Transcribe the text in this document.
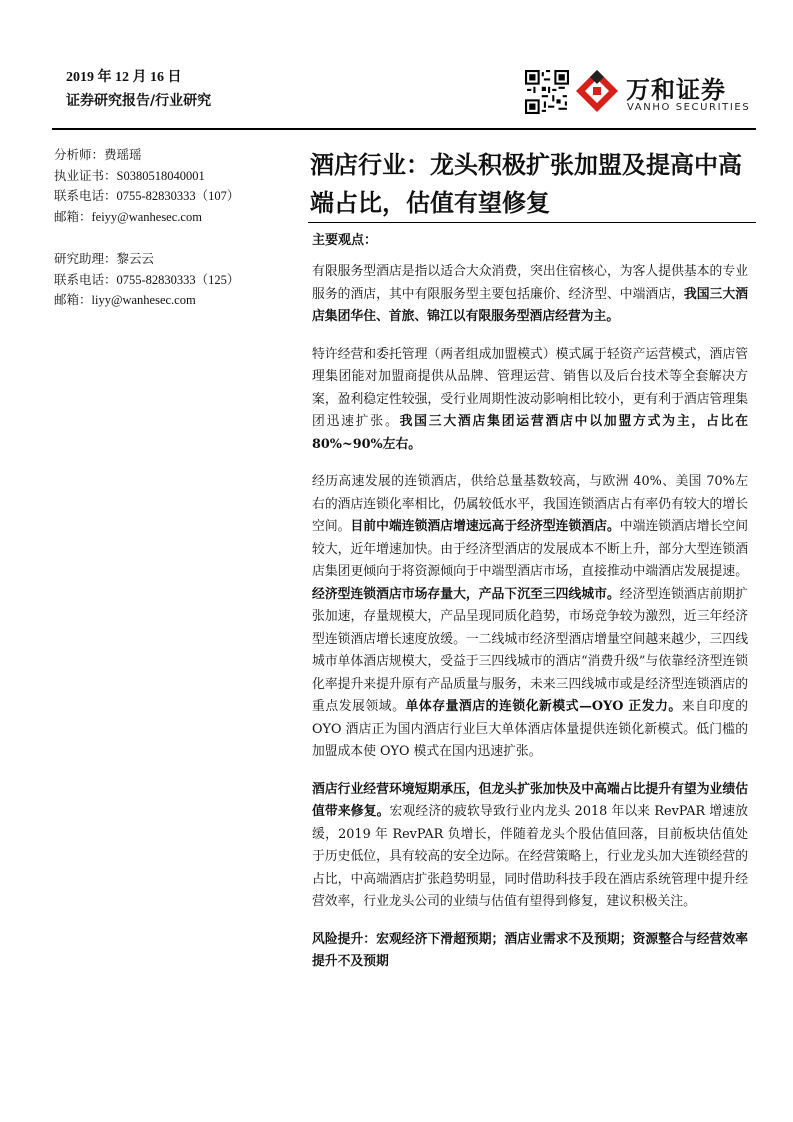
2019 年 12 月 16 日
证券研究报告/行业研究	万和证券
VANHO SECURITIES
分析师：费瑶瑶
执业证书：S0380518040001
联系电话：0755-82830333（107）
邮箱：feiyy@wanhesec.com
研究助理：黎云云
联系电话：0755-82830333（125）
邮箱：liyy@wanhesec.com
酒店行业：龙头积极扩张加盟及提高中高端占比，估值有望修复
主要观点：

有限服务型酒店是指以适合大众消费，突出住宿核心，为客人提供基本的专业服务的酒店，其中有限服务型主要包括廉价、经济型、中端酒店，我国三大酒店集团华住、首旅、锦江以有限服务型酒店经营为主。

特许经营和委托管理（两者组成加盟模式）模式属于轻资产运营模式，酒店管理集团能对加盟商提供从品牌、管理运营、销售以及后台技术等全套解决方案，盈利稳定性较强，受行业周期性波动影响相比较小，更有利于酒店管理集团迅速扩张。我国三大酒店集团运营酒店中以加盟方式为主，占比在 80%~90%左右。

经历高速发展的连锁酒店，供给总量基数较高，与欧洲 40%、美国 70%左右的酒店连锁化率相比，仍属较低水平，我国连锁酒店占有率仍有较大的增长空间。目前中端连锁酒店增速远高于经济型连锁酒店。中端连锁酒店增长空间较大，近年增速加快。由于经济型酒店的发展成本不断上升，部分大型连锁酒店集团更倾向于将资源倾向于中端型酒店市场，直接推动中端酒店发展提速。经济型连锁酒店市场存量大，产品下沉至三四线城市。经济型连锁酒店前期扩张加速，存量规模大，产品呈现同质化趋势，市场竞争较为激烈，近三年经济型连锁酒店增长速度放缓。一二线城市经济型酒店增量空间越来越少，三四线城市单体酒店规模大，受益于三四线城市的酒店“消费升级”与依靠经济型连锁化率提升来提升原有产品质量与服务，未来三四线城市或是经济型连锁酒店的重点发展领域。单体存量酒店的连锁化新模式—OYO 正发力。来自印度的 OYO 酒店正为国内酒店行业巨大单体酒店体量提供连锁化新模式。低门槛的加盟成本使 OYO 模式在国内迅速扩张。

酒店行业经营环境短期承压，但龙头扩张加快及中高端占比提升有望为业绩估值带来修复。宏观经济的疲软导致行业内龙头 2018 年以来 RevPAR 增速放缓，2019 年 RevPAR 负增长，伴随着龙头个股估值回落，目前板块估值处于历史低位，具有较高的安全边际。在经营策略上，行业龙头加大连锁经营的占比，中高端酒店扩张趋势明显，同时借助科技手段在酒店系统管理中提升经营效率，行业龙头公司的业绩与估值有望得到修复，建议积极关注。

风险提升：宏观经济下滑超预期；酒店业需求不及预期；资源整合与经营效率提升不及预期
